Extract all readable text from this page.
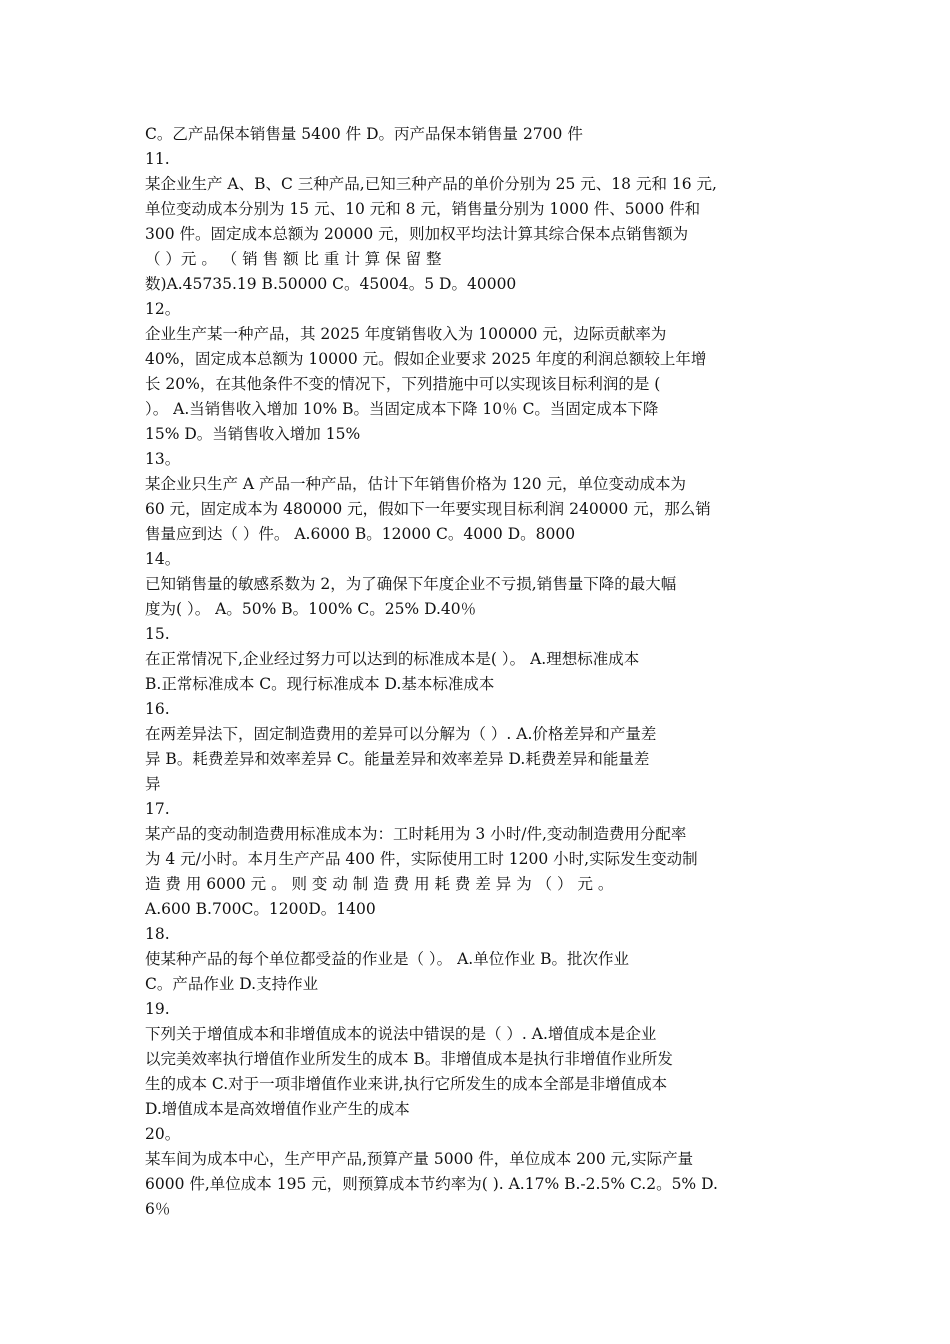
C。乙产品保本销售量 5400 件 D。丙产品保本销售量 2700 件
11.
某企业生产 A、B、C 三种产品,已知三种产品的单价分别为 25 元、18 元和 16 元,
单位变动成本分别为 15 元、10 元和 8 元，销售量分别为 1000 件、5000 件和
300 件。固定成本总额为 20000 元，则加权平均法计算其综合保本点销售额为
（ ）元 。 （ 销 售 额 比 重 计 算 保 留 整
数)A.45735.19 B.50000 C。45004。5 D。40000
12。
企业生产某一种产品，其 2025 年度销售收入为 100000 元，边际贡献率为
40%，固定成本总额为 10000 元。假如企业要求 2025 年度的利润总额较上年增
长 20%，在其他条件不变的情况下，下列措施中可以实现该目标利润的是 (
）。 A.当销售收入增加 10% B。当固定成本下降 10％ C。当固定成本下降
15% D。当销售收入增加 15%
13。
某企业只生产 A 产品一种产品，估计下年销售价格为 120 元，单位变动成本为
60 元，固定成本为 480000 元，假如下一年要实现目标利润 240000 元，那么销
售量应到达（ ）件。 A.6000 B。12000 C。4000 D。8000
14。
已知销售量的敏感系数为 2，为了确保下年度企业不亏损,销售量下降的最大幅
度为( ）。 A。50% B。100% C。25% D.40％
15.
在正常情况下,企业经过努力可以达到的标准成本是( ）。 A.理想标准成本
B.正常标准成本 C。现行标准成本 D.基本标准成本
16.
在两差异法下，固定制造费用的差异可以分解为（ ）. A.价格差异和产量差
异 B。耗费差异和效率差异 C。能量差异和效率差异 D.耗费差异和能量差
异
17.
某产品的变动制造费用标准成本为：工时耗用为 3 小时/件,变动制造费用分配率
为 4 元/小时。本月生产产品 400 件，实际使用工时 1200 小时,实际发生变动制
造 费 用 6000 元 。 则 变 动 制 造 费 用 耗 费 差 异 为 （ ） 元 。
A.600 B.700C。1200D。1400
18.
使某种产品的每个单位都受益的作业是（ ）。 A.单位作业 B。批次作业
C。产品作业 D.支持作业
19.
下列关于增值成本和非增值成本的说法中错误的是（ ）. A.增值成本是企业
以完美效率执行增值作业所发生的成本 B。非增值成本是执行非增值作业所发
生的成本 C.对于一项非增值作业来讲,执行它所发生的成本全部是非增值成本
D.增值成本是高效增值作业产生的成本
20。
某车间为成本中心，生产甲产品,预算产量 5000 件，单位成本 200 元,实际产量
6000 件,单位成本 195 元，则预算成本节约率为( ). A.17% B.-2.5% C.2。5% D.
6％
